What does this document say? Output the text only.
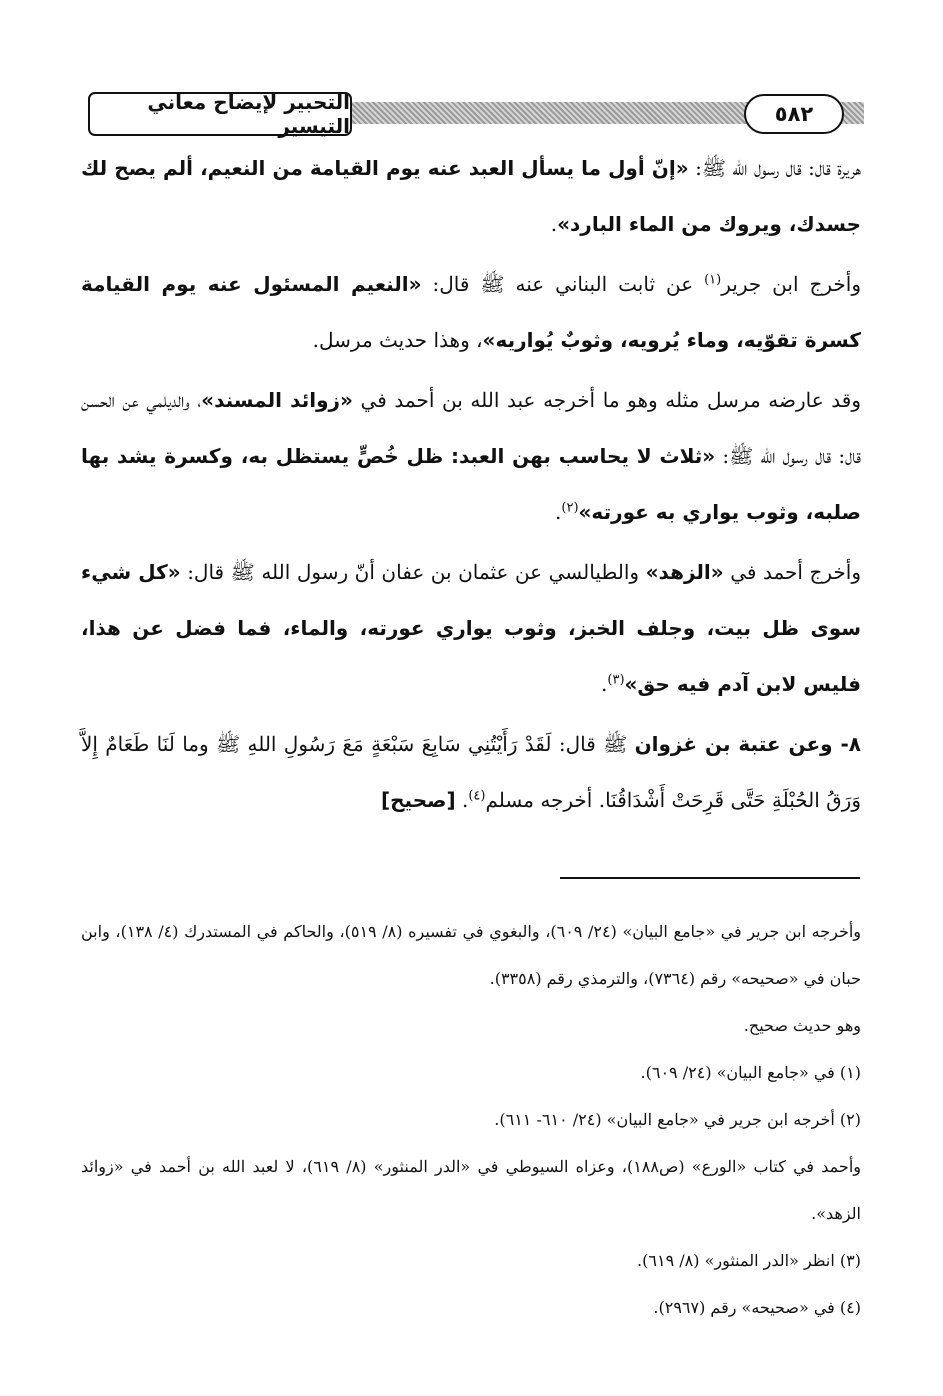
التحبير لإيضاح معاني التيسير	٥٨٢

هريرة قال: قال رسول الله ﷺ: «إنّ أول ما يسأل العبد عنه يوم القيامة من النعيم، ألم يصح لك جسدك، ويروك من الماء البارد».

وأخرج ابن جرير$^{(١)}$ عن ثابت البناني عنه ﷺ قال: «النعيم المسئول عنه يوم القيامة كسرة تقوّيه، وماء يُرويه، وثوبٌ يُواريه»، وهذا حديث مرسل.

وقد عارضه مرسل مثله وهو ما أخرجه عبد الله بن أحمد في «زوائد المسند»، والديلمي عن الحسن قال: قال رسول الله ﷺ: «ثلاث لا يحاسب بهن العبد: ظل خُصٍّ يستظل به، وكسرة يشد بها صلبه، وثوب يواري به عورته»$^{(٢)}$.

وأخرج أحمد في «الزهد» والطيالسي عن عثمان بن عفان أنّ رسول الله ﷺ قال: «كل شيء سوى ظل بيت، وجلف الخبز، وثوب يواري عورته، والماء، فما فضل عن هذا، فليس لابن آدم فيه حق»$^{(٣)}$.

٨- وعن عتبة بن غزوان ﷺ قال: لَقَدْ رَأَيْتُنِي سَابِعَ سَبْعَةٍ مَعَ رَسُولِ اللهِ ﷺ وما لَنَا طَعَامٌ إِلاَّ وَرَقُ الحُبْلَةِ حَتَّى قَرِحَتْ أَشْدَاقُنَا. أخرجه مسلم$^{(٤)}$. [صحيح]

وأخرجه ابن جرير في «جامع البيان» (٢٤/ ٦٠٩)، والبغوي في تفسيره (٨/ ٥١٩)، والحاكم في المستدرك (٤/ ١٣٨)، وابن حبان في «صحيحه» رقم (٧٣٦٤)، والترمذي رقم (٣٣٥٨).

وهو حديث صحيح.

(١) في «جامع البيان» (٢٤/ ٦٠٩).

(٢) أخرجه ابن جرير في «جامع البيان» (٢٤/ ٦١٠- ٦١١).

وأحمد في كتاب «الورع» (ص١٨٨)، وعزاه السيوطي في «الدر المنثور» (٨/ ٦١٩)، لا لعبد الله بن أحمد في «زوائد الزهد».

(٣) انظر «الدر المنثور» (٨/ ٦١٩).

(٤) في «صحيحه» رقم (٢٩٦٧).
